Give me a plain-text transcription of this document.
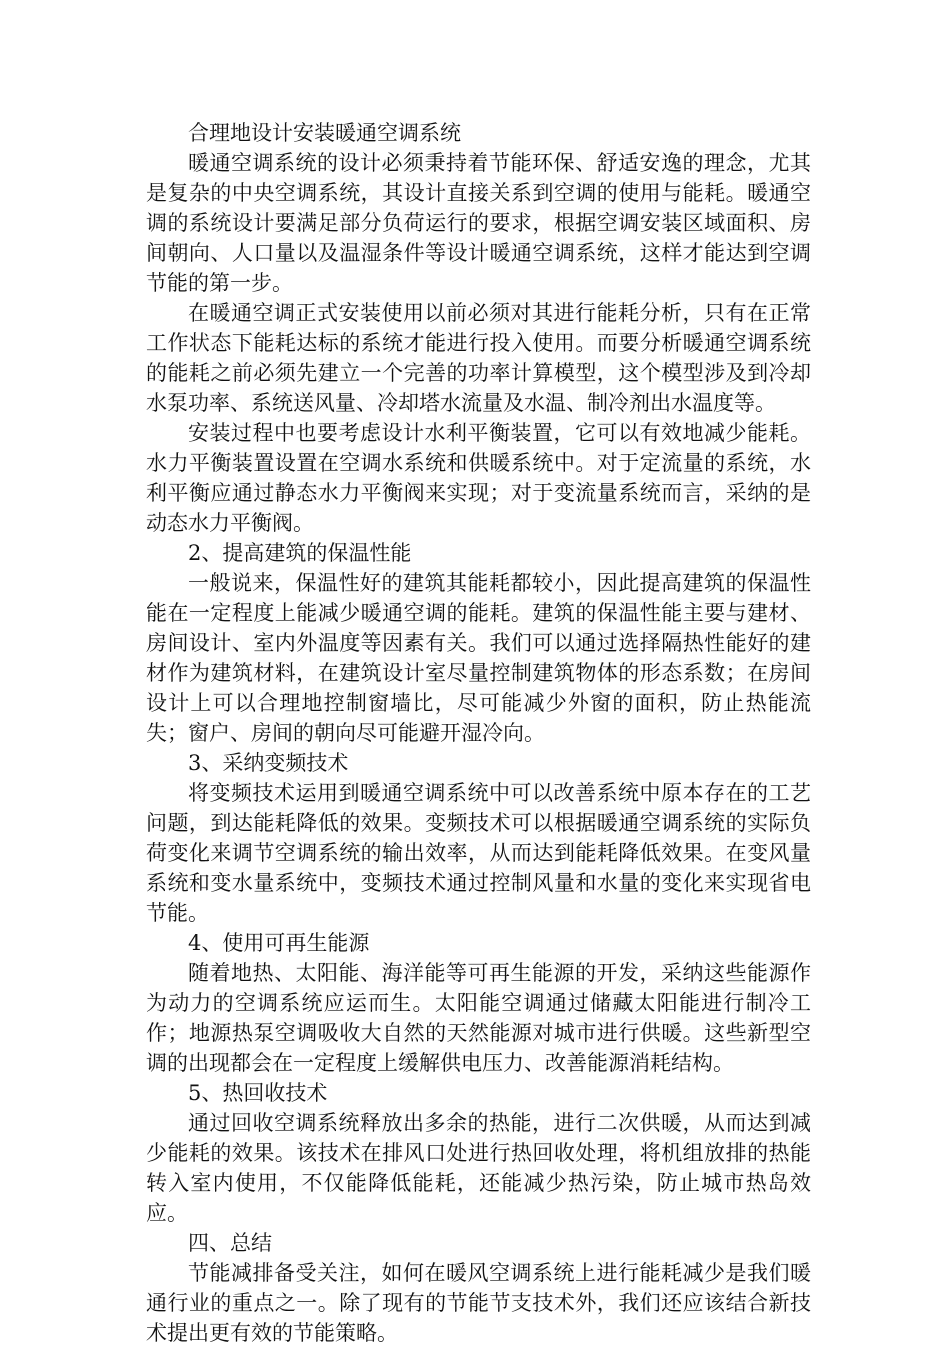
合理地设计安装暖通空调系统

暖通空调系统的设计必须秉持着节能环保、舒适安逸的理念，尤其是复杂的中央空调系统，其设计直接关系到空调的使用与能耗。暖通空调的系统设计要满足部分负荷运行的要求，根据空调安装区域面积、房间朝向、人口量以及温湿条件等设计暖通空调系统，这样才能达到空调节能的第一步。

在暖通空调正式安装使用以前必须对其进行能耗分析，只有在正常工作状态下能耗达标的系统才能进行投入使用。而要分析暖通空调系统的能耗之前必须先建立一个完善的功率计算模型，这个模型涉及到冷却水泵功率、系统送风量、冷却塔水流量及水温、制冷剂出水温度等。

安装过程中也要考虑设计水利平衡装置，它可以有效地减少能耗。水力平衡装置设置在空调水系统和供暖系统中。对于定流量的系统，水利平衡应通过静态水力平衡阀来实现；对于变流量系统而言，采纳的是动态水力平衡阀。

2、提高建筑的保温性能

一般说来，保温性好的建筑其能耗都较小，因此提高建筑的保温性能在一定程度上能减少暖通空调的能耗。建筑的保温性能主要与建材、房间设计、室内外温度等因素有关。我们可以通过选择隔热性能好的建材作为建筑材料，在建筑设计室尽量控制建筑物体的形态系数；在房间设计上可以合理地控制窗墙比，尽可能减少外窗的面积，防止热能流失；窗户、房间的朝向尽可能避开湿冷向。

3、采纳变频技术

将变频技术运用到暖通空调系统中可以改善系统中原本存在的工艺问题，到达能耗降低的效果。变频技术可以根据暖通空调系统的实际负荷变化来调节空调系统的输出效率，从而达到能耗降低效果。在变风量系统和变水量系统中，变频技术通过控制风量和水量的变化来实现省电节能。

4、使用可再生能源

随着地热、太阳能、海洋能等可再生能源的开发，采纳这些能源作为动力的空调系统应运而生。太阳能空调通过储藏太阳能进行制冷工作；地源热泵空调吸收大自然的天然能源对城市进行供暖。这些新型空调的出现都会在一定程度上缓解供电压力、改善能源消耗结构。

5、热回收技术

通过回收空调系统释放出多余的热能，进行二次供暖，从而达到减少能耗的效果。该技术在排风口处进行热回收处理，将机组放排的热能转入室内使用，不仅能降低能耗，还能减少热污染，防止城市热岛效应。

四、总结

节能减排备受关注，如何在暖风空调系统上进行能耗减少是我们暖通行业的重点之一。除了现有的节能节支技术外，我们还应该结合新技术提出更有效的节能策略。
